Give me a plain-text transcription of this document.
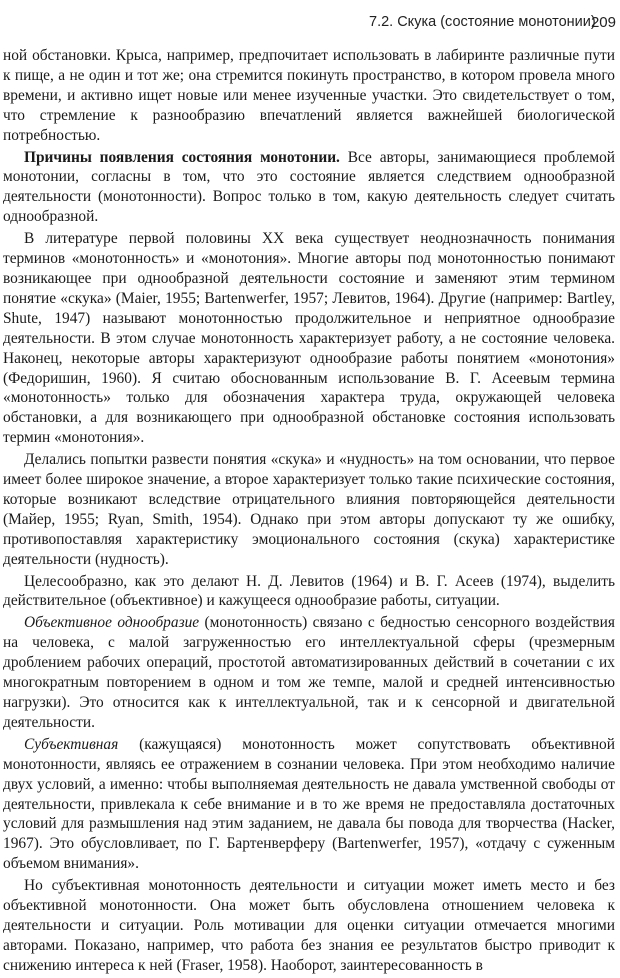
7.2. Скука (состояние монотонии)
209

ной обстановки. Крыса, например, предпочитает использовать в лабиринте различные пути к пище, а не один и тот же; она стремится покинуть пространство, в котором провела много времени, и активно ищет новые или менее изученные участки. Это свидетельствует о том, что стремление к разнообразию впечатлений является важнейшей биологической потребностью.

Причины появления состояния монотонии. Все авторы, занимающиеся проблемой монотонии, согласны в том, что это состояние является следствием однообразной деятельности (монотонности). Вопрос только в том, какую деятельность следует считать однообразной.

В литературе первой половины XX века существует неоднозначность понимания терминов «монотонность» и «монотония». Многие авторы под монотонностью понимают возникающее при однообразной деятельности состояние и заменяют этим термином понятие «скука» (Maier, 1955; Bartenwerfer, 1957; Левитов, 1964). Другие (например: Bartley, Shute, 1947) называют монотонностью продолжительное и неприятное однообразие деятельности. В этом случае монотонность характеризует работу, а не состояние человека. Наконец, некоторые авторы характеризуют однообразие работы понятием «монотония» (Федоришин, 1960). Я считаю обоснованным использование В. Г. Асеевым термина «монотонность» только для обозначения характера труда, окружающей человека обстановки, а для возникающего при однообразной обстановке состояния использовать термин «монотония».

Делались попытки развести понятия «скука» и «нудность» на том основании, что первое имеет более широкое значение, а второе характеризует только такие психические состояния, которые возникают вследствие отрицательного влияния повторяющейся деятельности (Майер, 1955; Ryan, Smith, 1954). Однако при этом авторы допускают ту же ошибку, противопоставляя характеристику эмоционального состояния (скука) характеристике деятельности (нудность).

Целесообразно, как это делают Н. Д. Левитов (1964) и В. Г. Асеев (1974), выделить действительное (объективное) и кажущееся однообразие работы, ситуации.

Объективное однообразие (монотонность) связано с бедностью сенсорного воздействия на человека, с малой загруженностью его интеллектуальной сферы (чрезмерным дроблением рабочих операций, простотой автоматизированных действий в сочетании с их многократным повторением в одном и том же темпе, малой и средней интенсивностью нагрузки). Это относится как к интеллектуальной, так и к сенсорной и двигательной деятельности.

Субъективная (кажущаяся) монотонность может сопутствовать объективной монотонности, являясь ее отражением в сознании человека. При этом необходимо наличие двух условий, а именно: чтобы выполняемая деятельность не давала умственной свободы от деятельности, привлекала к себе внимание и в то же время не предоставляла достаточных условий для размышления над этим заданием, не давала бы повода для творчества (Hacker, 1967). Это обусловливает, по Г. Бартенверферу (Bartenwerfer, 1957), «отдачу с суженным объемом внимания».

Но субъективная монотонность деятельности и ситуации может иметь место и без объективной монотонности. Она может быть обусловлена отношением человека к деятельности и ситуации. Роль мотивации для оценки ситуации отмечается многими авторами. Показано, например, что работа без знания ее результатов быстро приводит к снижению интереса к ней (Fraser, 1958). Наоборот, заинтересованность в
